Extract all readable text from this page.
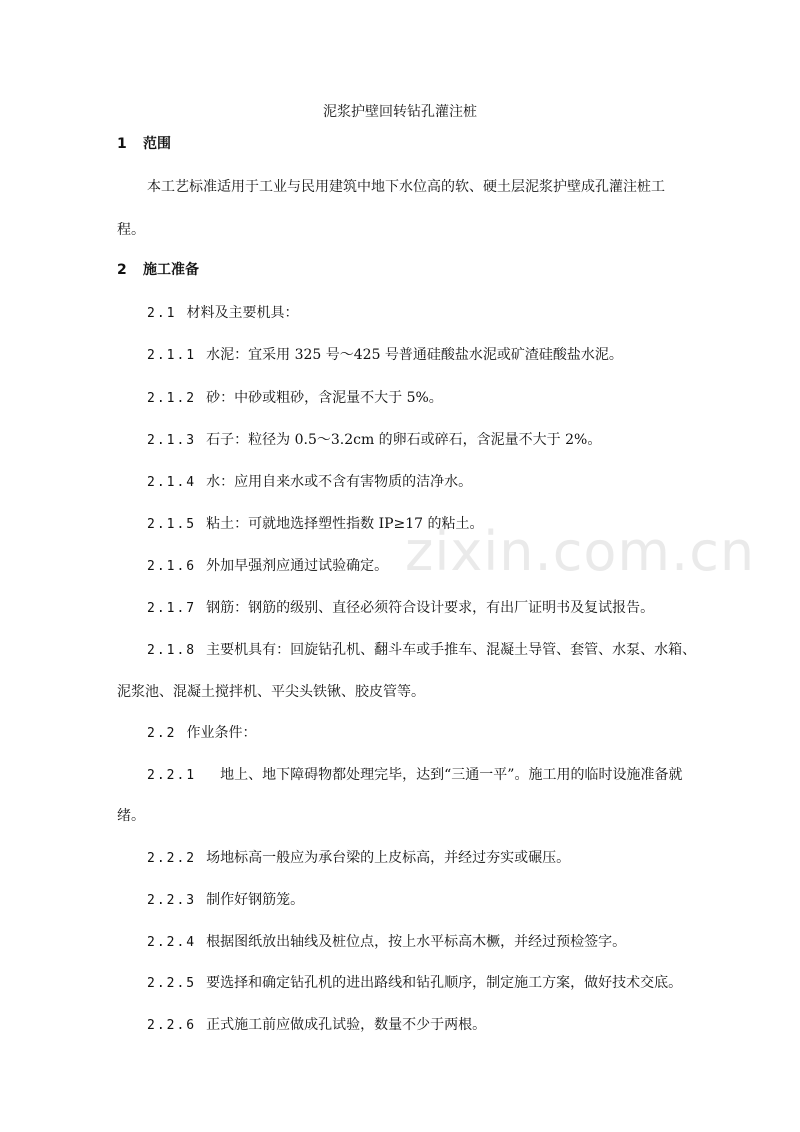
泥浆护壁回转钻孔灌注桩
1 范围
本工艺标准适用于工业与民用建筑中地下水位高的软、硬土层泥浆护壁成孔灌注桩工
程。
2 施工准备
2.1 材料及主要机具：
2.1.1 水泥：宜采用 325 号～425 号普通硅酸盐水泥或矿渣硅酸盐水泥。
2.1.2 砂：中砂或粗砂，含泥量不大于 5%。
2.1.3 石子：粒径为 0.5～3.2cm 的卵石或碎石，含泥量不大于 2%。
2.1.4 水：应用自来水或不含有害物质的洁净水。
2.1.5 粘土：可就地选择塑性指数 IP≥17 的粘土。
2.1.6 外加早强剂应通过试验确定。
2.1.7 钢筋：钢筋的级别、直径必须符合设计要求，有出厂证明书及复试报告。
2.1.8 主要机具有：回旋钻孔机、翻斗车或手推车、混凝土导管、套管、水泵、水箱、
泥浆池、混凝土搅拌机、平尖头铁锹、胶皮管等。
2.2 作业条件：
2.2.1　地上、地下障碍物都处理完毕，达到“三通一平”。施工用的临时设施准备就
绪。
2.2.2 场地标高一般应为承台梁的上皮标高，并经过夯实或碾压。
2.2.3 制作好钢筋笼。
2.2.4 根据图纸放出轴线及桩位点，按上水平标高木橛，并经过预检签字。
2.2.5 要选择和确定钻孔机的进出路线和钻孔顺序，制定施工方案，做好技术交底。
2.2.6 正式施工前应做成孔试验，数量不少于两根。
zixin.com.cn
